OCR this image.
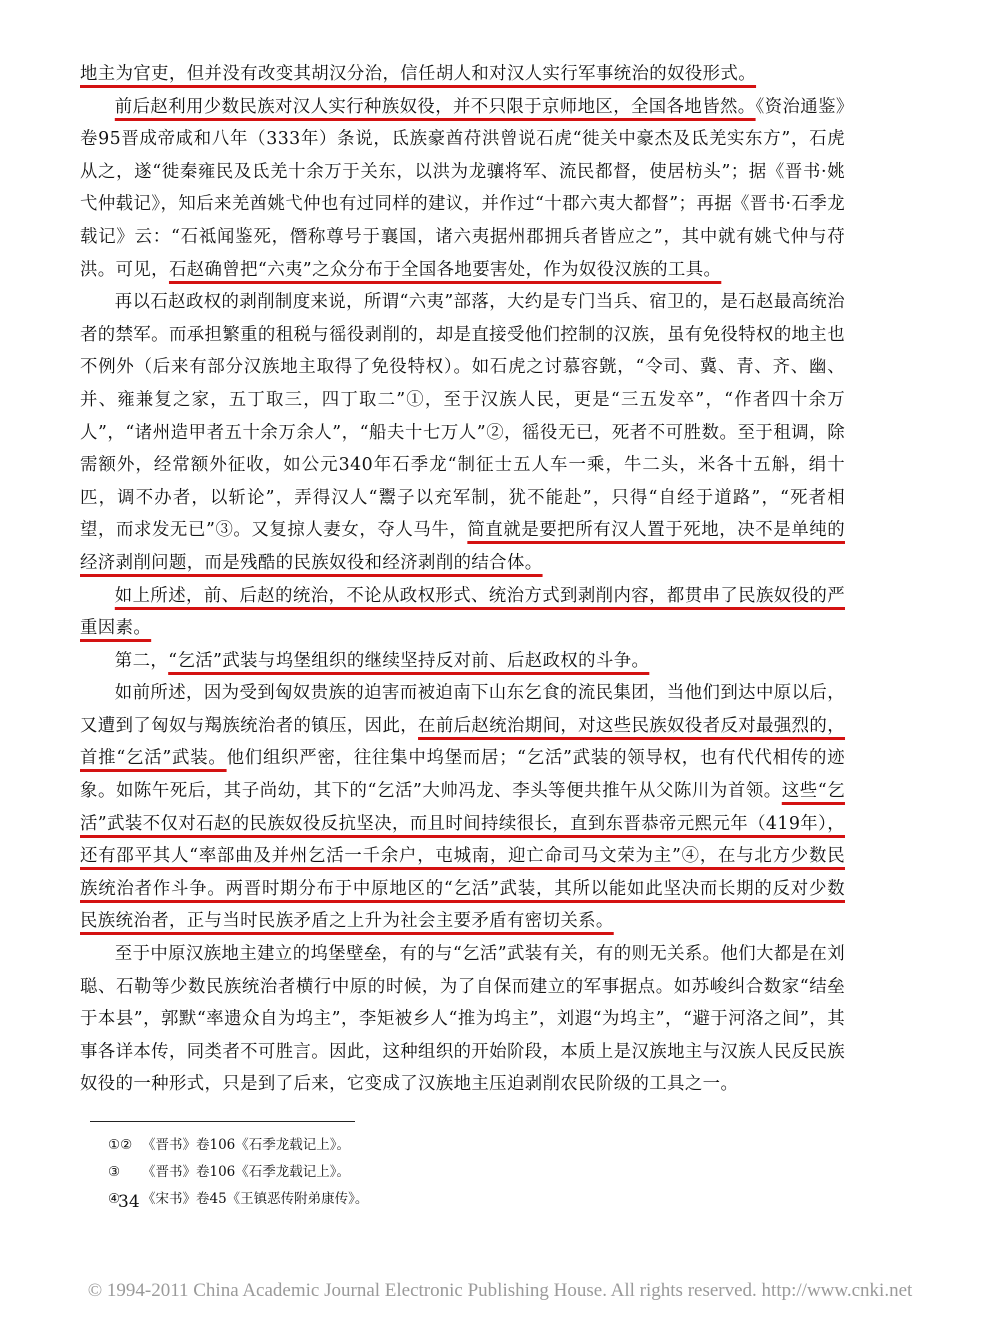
地主为官吏，但并没有改变其胡汉分治，信任胡人和对汉人实行军事统治的奴役形式。

前后赵利用少数民族对汉人实行种族奴役，并不只限于京师地区，全国各地皆然。《资治通鉴》卷95晋成帝咸和八年（333年）条说，氐族豪酋苻洪曾说石虎“徙关中豪杰及氐羌实东方”，石虎从之，遂“徙秦雍民及氐羌十余万于关东，以洪为龙骧将军、流民都督，使居枋头”；据《晋书·姚弋仲载记》，知后来羌酋姚弋仲也有过同样的建议，并作过“十郡六夷大都督”；再据《晋书·石季龙载记》云：“石祗闻鉴死，僭称尊号于襄国，诸六夷据州郡拥兵者皆应之”，其中就有姚弋仲与苻洪。可见，石赵确曾把“六夷”之众分布于全国各地要害处，作为奴役汉族的工具。

再以石赵政权的剥削制度来说，所谓“六夷”部落，大约是专门当兵、宿卫的，是石赵最高统治者的禁军。而承担繁重的租税与徭役剥削的，却是直接受他们控制的汉族，虽有免役特权的地主也不例外（后来有部分汉族地主取得了免役特权）。如石虎之讨慕容皝，“令司、冀、青、齐、幽、并、雍兼复之家，五丁取三，四丁取二”①，至于汉族人民，更是“三五发卒”，“作者四十余万人”，“诸州造甲者五十余万余人”，“船夫十七万人”②，徭役无已，死者不可胜数。至于租调，除需额外，经常额外征收，如公元340年石季龙“制征士五人车一乘，牛二头，米各十五斛，绢十匹，调不办者，以斩论”，弄得汉人“鬻子以充军制，犹不能赴”，只得“自经于道路”，“死者相望，而求发无已”③。又复掠人妻女，夺人马牛，简直就是要把所有汉人置于死地，决不是单纯的经济剥削问题，而是残酷的民族奴役和经济剥削的结合体。

如上所述，前、后赵的统治，不论从政权形式、统治方式到剥削内容，都贯串了民族奴役的严重因素。

第二，“乞活”武装与坞堡组织的继续坚持反对前、后赵政权的斗争。

如前所述，因为受到匈奴贵族的迫害而被迫南下山东乞食的流民集团，当他们到达中原以后，又遭到了匈奴与羯族统治者的镇压，因此，在前后赵统治期间，对这些民族奴役者反对最强烈的，首推“乞活”武装。他们组织严密，往往集中坞堡而居；“乞活”武装的领导权，也有代代相传的迹象。如陈午死后，其子尚幼，其下的“乞活”大帅冯龙、李头等便共推午从父陈川为首领。这些“乞活”武装不仅对石赵的民族奴役反抗坚决，而且时间持续很长，直到东晋恭帝元熙元年（419年），还有邵平其人“率部曲及并州乞活一千余户，屯城南，迎亡命司马文荣为主”④，在与北方少数民族统治者作斗争。两晋时期分布于中原地区的“乞活”武装，其所以能如此坚决而长期的反对少数民族统治者，正与当时民族矛盾之上升为社会主要矛盾有密切关系。

至于中原汉族地主建立的坞堡壁垒，有的与“乞活”武装有关，有的则无关系。他们大都是在刘聪、石勒等少数民族统治者横行中原的时候，为了自保而建立的军事据点。如苏峻纠合数家“结垒于本县”，郭默“率遗众自为坞主”，李矩被乡人“推为坞主”，刘遐“为坞主”，“避于河洛之间”，其事各详本传，同类者不可胜言。因此，这种组织的开始阶段，本质上是汉族地主与汉族人民反民族奴役的一种形式，只是到了后来，它变成了汉族地主压迫剥削农民阶级的工具之一。

①② 《晋书》卷106《石季龙载记上》。

③ 《晋书》卷106《石季龙载记上》。

④ 《宋书》卷45《王镇恶传附弟康传》。

34
© 1994-2011 China Academic Journal Electronic Publishing House. All rights reserved. http://www.cnki.net
